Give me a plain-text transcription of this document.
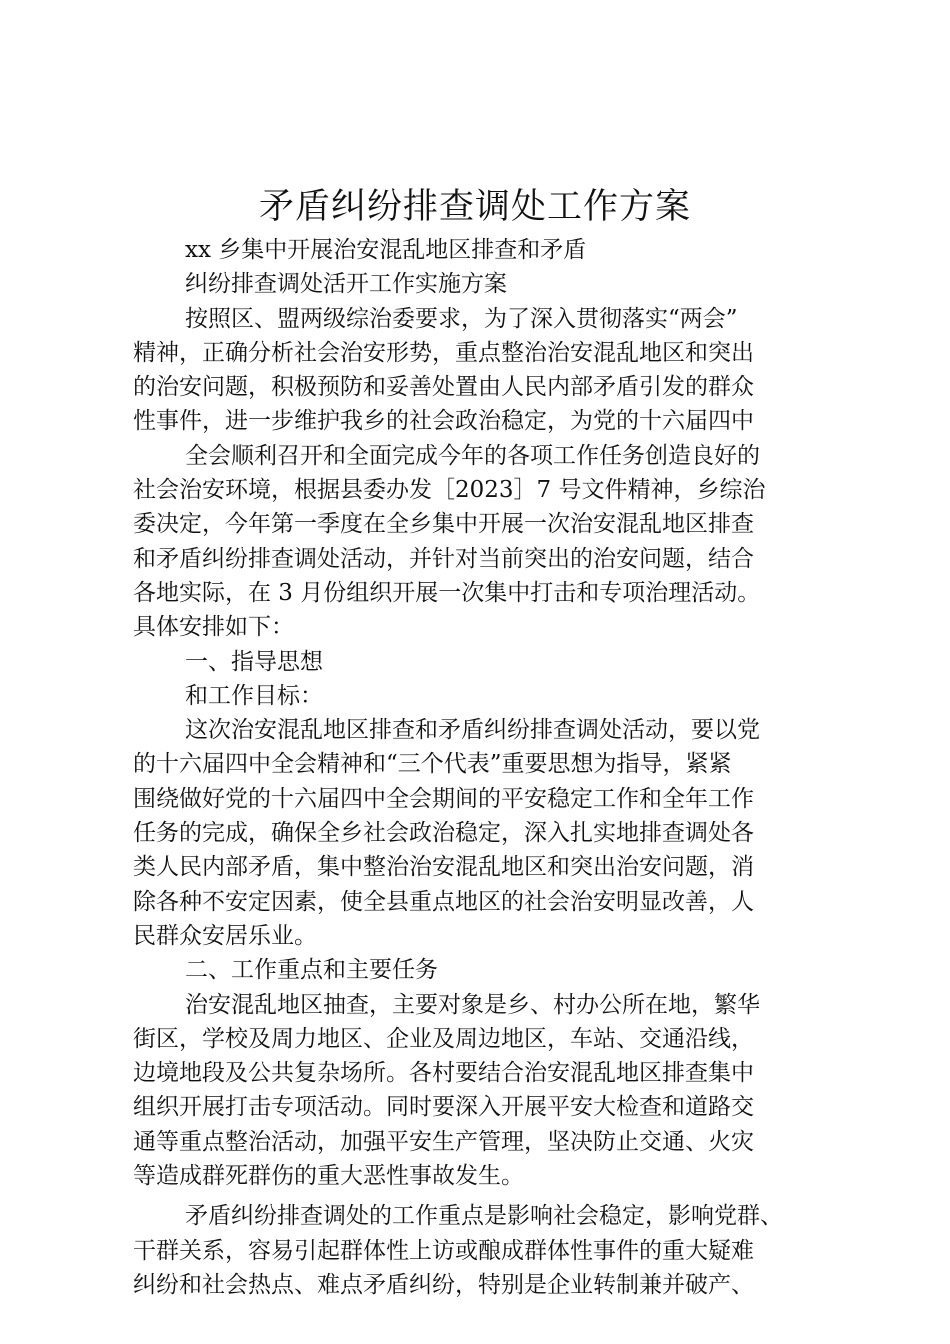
矛盾纠纷排查调处工作方案
xx 乡集中开展治安混乱地区排查和矛盾
纠纷排查调处活开工作实施方案
按照区、盟两级综治委要求，为了深入贯彻落实“两会”
精神，正确分析社会治安形势，重点整治治安混乱地区和突出
的治安问题，积极预防和妥善处置由人民内部矛盾引发的群众
性事件，进一步维护我乡的社会政治稳定，为党的十六届四中
全会顺利召开和全面完成今年的各项工作任务创造良好的
社会治安环境，根据县委办发［2023］7 号文件精神，乡综治
委决定，今年第一季度在全乡集中开展一次治安混乱地区排查
和矛盾纠纷排查调处活动，并针对当前突出的治安问题，结合
各地实际，在 3 月份组织开展一次集中打击和专项治理活动。
具体安排如下：
一、指导思想
和工作目标：
这次治安混乱地区排查和矛盾纠纷排查调处活动，要以党
的十六届四中全会精神和“三个代表”重要思想为指导，紧紧
围绕做好党的十六届四中全会期间的平安稳定工作和全年工作
任务的完成，确保全乡社会政治稳定，深入扎实地排查调处各
类人民内部矛盾，集中整治治安混乱地区和突出治安问题，消
除各种不安定因素，使全县重点地区的社会治安明显改善，人
民群众安居乐业。
二、工作重点和主要任务
治安混乱地区抽查，主要对象是乡、村办公所在地，繁华
街区，学校及周力地区、企业及周边地区，车站、交通沿线，
边境地段及公共复杂场所。各村要结合治安混乱地区排查集中
组织开展打击专项活动。同时要深入开展平安大检查和道路交
通等重点整治活动，加强平安生产管理，坚决防止交通、火灾
等造成群死群伤的重大恶性事故发生。
矛盾纠纷排查调处的工作重点是影响社会稳定，影响党群、
干群关系，容易引起群体性上访或酿成群体性事件的重大疑难
纠纷和社会热点、难点矛盾纠纷，特别是企业转制兼并破产、
